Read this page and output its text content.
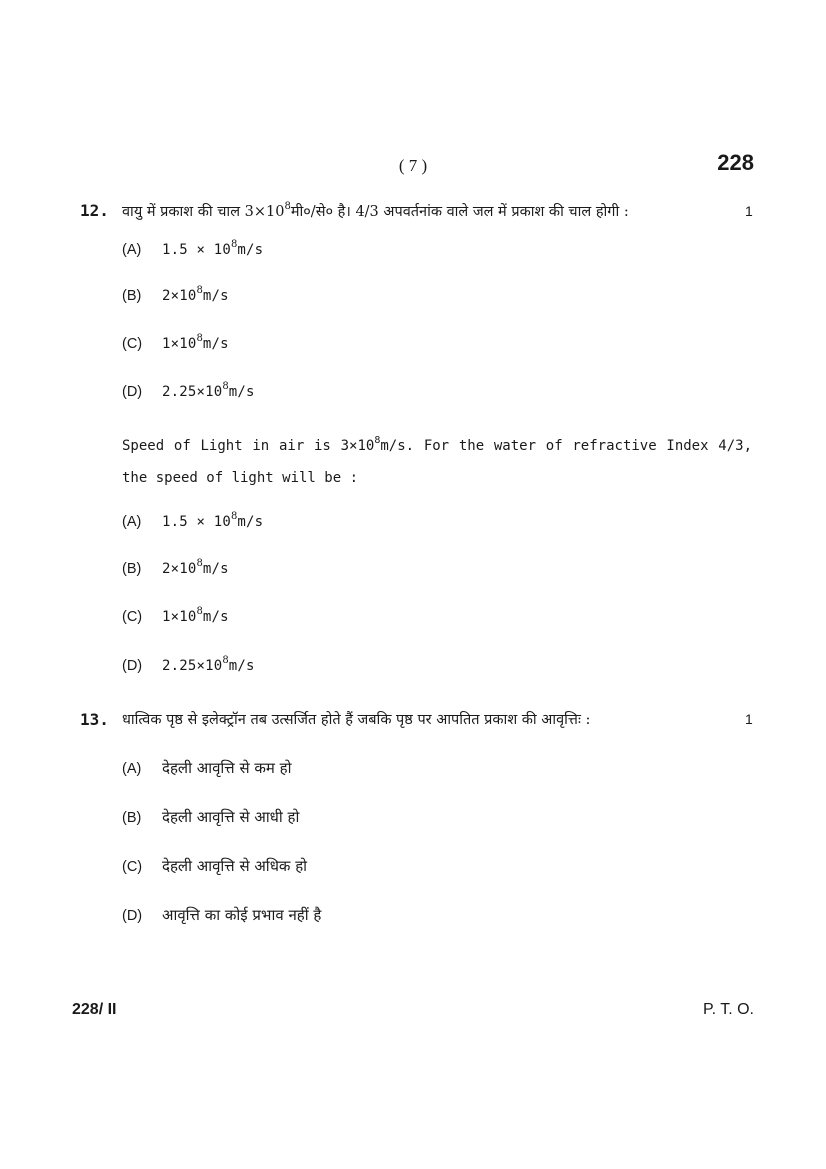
( 7 )	228
12. वायु में प्रकाश की चाल $3\times 10^8मी०/से०$ है। 4/3 अपवर्तनांक वाले जल में प्रकाश की चाल होगी :	1
(A) $1.5 \times 10^8m/s$
(B) $2\times 10^8m/s$
(C) $1\times 10^8m/s$
(D) $2.25\times 10^8m/s$
Speed of Light in air is $3\times 10^8m/s$. For the water of refractive Index 4/3, the speed of light will be :
(A) $1.5 \times 10^8m/s$
(B) $2\times 10^8m/s$
(C) $1\times 10^8m/s$
(D) $2.25\times 10^8m/s$
13. धात्विक पृष्ठ से इलेक्ट्रॉन तब उत्सर्जित होते हैं जबकि पृष्ठ पर आपतित प्रकाश की आवृत्तिः :	1
(A) देहली आवृत्ति से कम हो
(B) देहली आवृत्ति से आधी हो
(C) देहली आवृत्ति से अधिक हो
(D) आवृत्ति का कोई प्रभाव नहीं है
228/ II	P. T. O.
